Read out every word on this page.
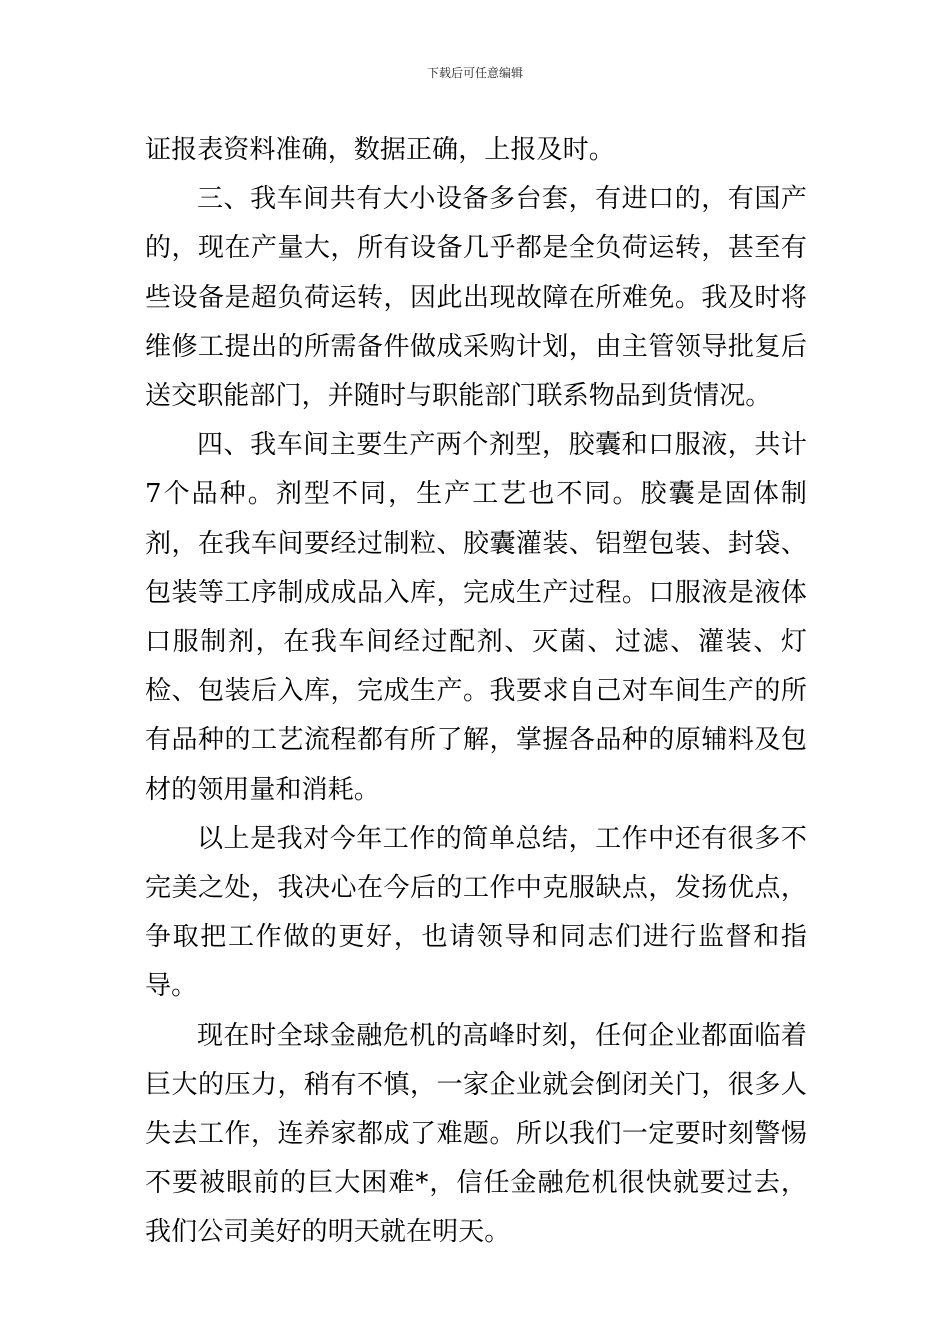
下载后可任意编辑

证报表资料准确，数据正确，上报及时。

三、我车间共有大小设备多台套，有进口的，有国产的，现在产量大，所有设备几乎都是全负荷运转，甚至有些设备是超负荷运转，因此出现故障在所难免。我及时将维修工提出的所需备件做成采购计划，由主管领导批复后送交职能部门，并随时与职能部门联系物品到货情况。

四、我车间主要生产两个剂型，胶囊和口服液，共计7个品种。剂型不同，生产工艺也不同。胶囊是固体制剂，在我车间要经过制粒、胶囊灌装、铝塑包装、封袋、包装等工序制成成品入库，完成生产过程。口服液是液体口服制剂，在我车间经过配剂、灭菌、过滤、灌装、灯检、包装后入库，完成生产。我要求自己对车间生产的所有品种的工艺流程都有所了解，掌握各品种的原辅料及包材的领用量和消耗。

以上是我对今年工作的简单总结，工作中还有很多不完美之处，我决心在今后的工作中克服缺点，发扬优点，争取把工作做的更好，也请领导和同志们进行监督和指导。

现在时全球金融危机的高峰时刻，任何企业都面临着巨大的压力，稍有不慎，一家企业就会倒闭关门，很多人失去工作，连养家都成了难题。所以我们一定要时刻警惕不要被眼前的巨大困难*，信任金融危机很快就要过去，我们公司美好的明天就在明天。
